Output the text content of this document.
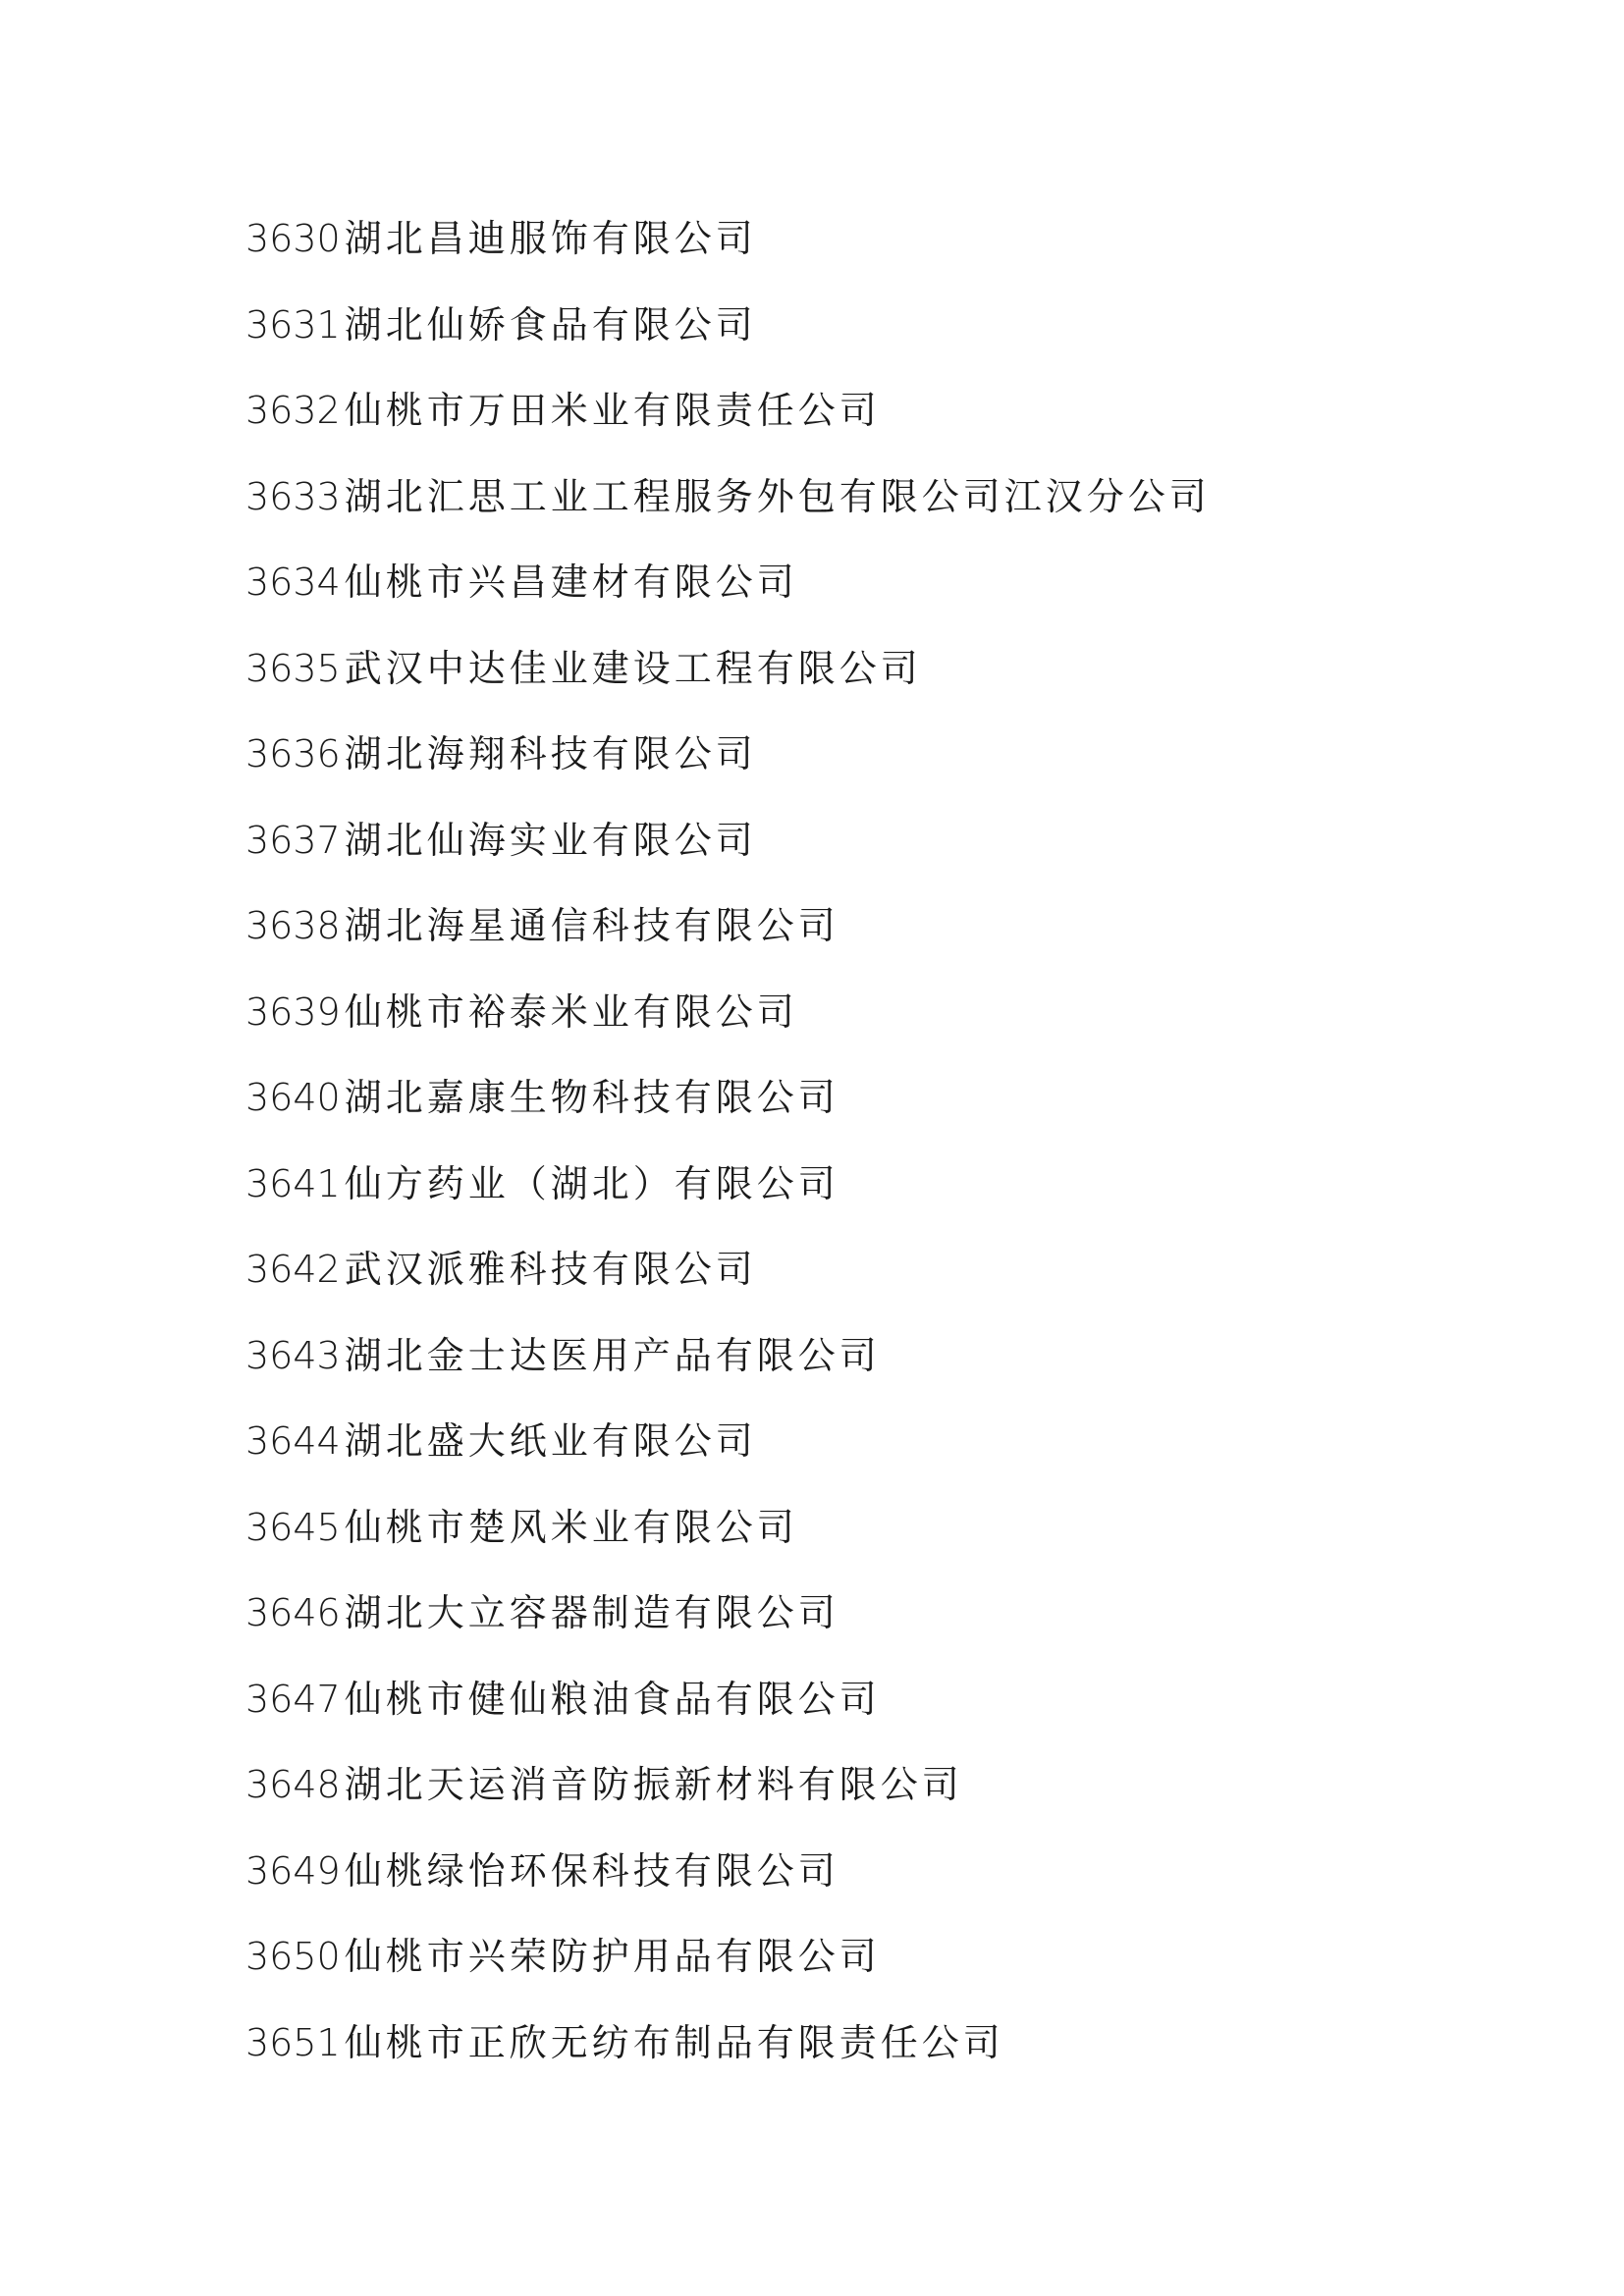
3630 湖北昌迪服饰有限公司
3631 湖北仙娇食品有限公司
3632 仙桃市万田米业有限责任公司
3633 湖北汇思工业工程服务外包有限公司江汉分公司
3634 仙桃市兴昌建材有限公司
3635 武汉中达佳业建设工程有限公司
3636 湖北海翔科技有限公司
3637 湖北仙海实业有限公司
3638 湖北海星通信科技有限公司
3639 仙桃市裕泰米业有限公司
3640 湖北嘉康生物科技有限公司
3641 仙方药业（湖北）有限公司
3642 武汉派雅科技有限公司
3643 湖北金士达医用产品有限公司
3644 湖北盛大纸业有限公司
3645 仙桃市楚风米业有限公司
3646 湖北大立容器制造有限公司
3647 仙桃市健仙粮油食品有限公司
3648 湖北天运消音防振新材料有限公司
3649 仙桃绿怡环保科技有限公司
3650 仙桃市兴荣防护用品有限公司
3651 仙桃市正欣无纺布制品有限责任公司
